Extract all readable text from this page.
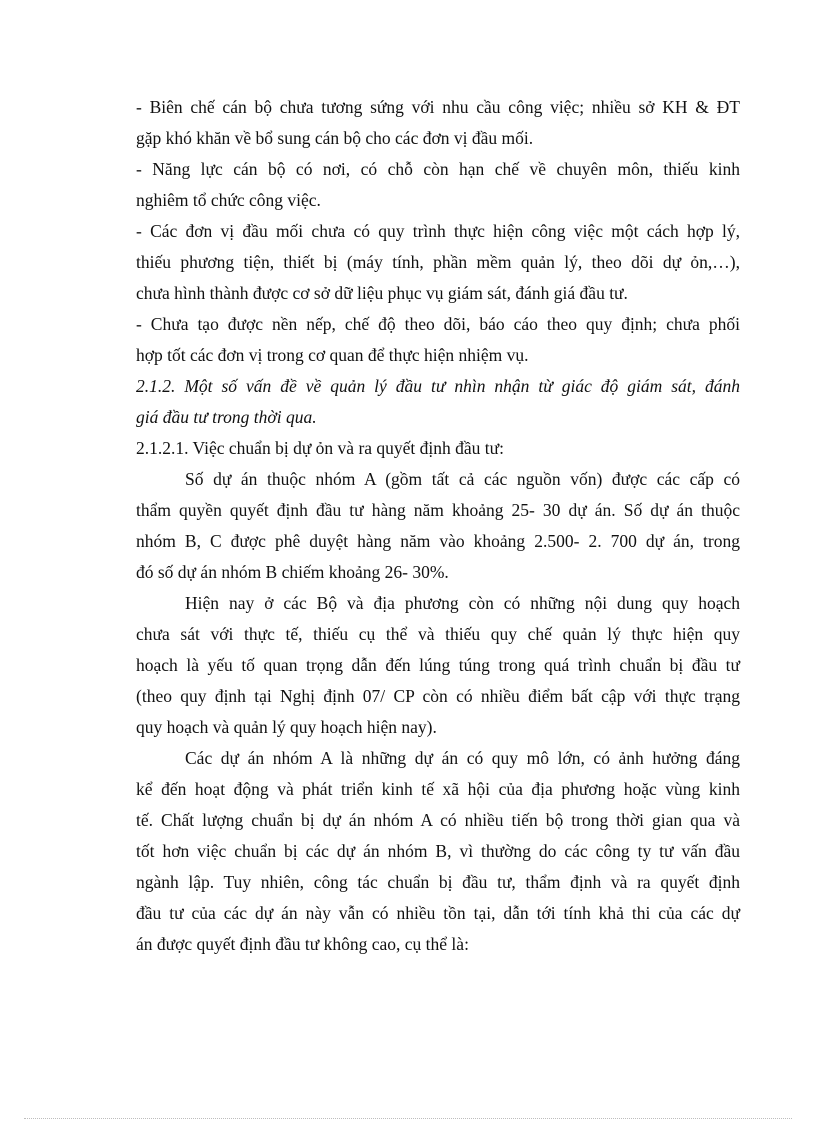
- Biên chế cán bộ chưa tương sứng với nhu cầu công việc; nhiều sở KH & ĐT
gặp khó khăn về bổ sung cán bộ cho các đơn vị đầu mối.
- Năng lực cán bộ có nơi, có chỗ còn hạn chế về chuyên môn, thiếu kinh
nghiêm tổ chức công việc.
- Các đơn vị đầu mối chưa có quy trình thực hiện công việc một cách hợp lý,
thiếu phương tiện, thiết bị (máy tính, phần mềm quản lý, theo dõi dự ỏn,…),
chưa hình thành được cơ sở dữ liệu phục vụ giám sát, đánh giá đầu tư.
- Chưa tạo được nền nếp, chế độ theo dõi, báo cáo theo quy định; chưa phối
hợp tốt các đơn vị trong cơ quan để thực hiện nhiệm vụ.
2.1.2. Một số vấn đề về quản lý đầu tư nhìn nhận từ giác độ giám sát, đánh
giá đầu tư trong thời qua.
2.1.2.1. Việc chuẩn bị dự ỏn và ra quyết định đầu tư:
Số dự án thuộc nhóm A (gồm tất cả các nguồn vốn) được các cấp có
thẩm quyền quyết định đầu tư hàng năm khoảng 25- 30 dự án. Số dự án thuộc
nhóm B, C được phê duyệt hàng năm vào khoảng 2.500- 2. 700 dự án, trong
đó số dự án nhóm B chiếm khoảng 26- 30%.
Hiện nay ở các Bộ và địa phương còn có những nội dung quy hoạch
chưa sát với thực tế, thiếu cụ thể và thiếu quy chế quản lý thực hiện quy
hoạch là yếu tố quan trọng dẫn đến lúng túng trong quá trình chuẩn bị đầu tư
(theo quy định tại Nghị định 07/ CP còn có nhiều điểm bất cập với thực trạng
quy hoạch và quản lý quy hoạch hiện nay).
Các dự án nhóm A là những dự án có quy mô lớn, có ảnh hưởng đáng
kể đến hoạt động và phát triển kinh tế xã hội của địa phương hoặc vùng kinh
tế. Chất lượng chuẩn bị dự án nhóm A có nhiều tiến bộ trong thời gian qua và
tốt hơn việc chuẩn bị các dự án nhóm B, vì thường do các công ty tư vấn đầu
ngành lập. Tuy nhiên, công tác chuẩn bị đầu tư, thẩm định và ra quyết định
đầu tư của các dự án này vẫn có nhiều tồn tại, dẫn tới tính khả thi của các dự
án được quyết định đầu tư không cao, cụ thể là:
